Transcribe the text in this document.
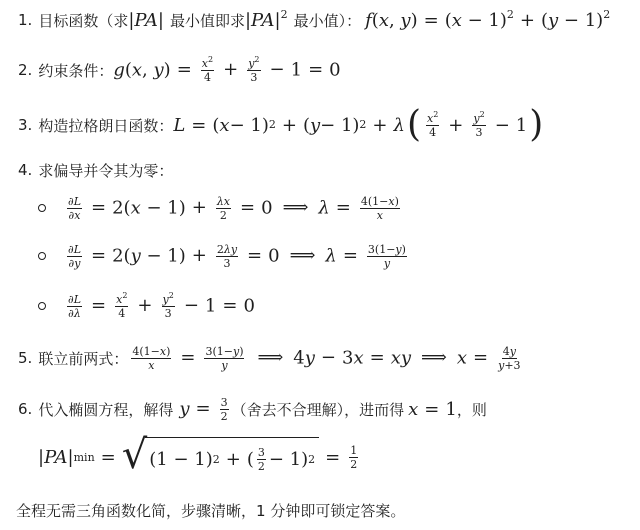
1. 目标函数（求 |PA| 最小值即求 $|PA|^2$ 最小值）： f(x, $y) = (x - 1)^2 + (y - 1)^2$
2. 约束条件： g(x, $y) = \frac{x^2}{4} + \frac{y^2}{3} - 1 = 0$
3. 构造拉格朗日函数： L = ( x − 1) 2 + ( y − 1) 2 + λ ( $\frac{x^2}{4} + \frac{y^2}{3} - 1$ )
4. 求偏导并令其为零：
$\frac{\partial L}{\partial x} = 2(x - 1) + \frac{\lambda x}{2} = 0$ ⟹ $\lambda = \frac{4(1-x)}{x}$
$\frac{\partial L}{\partial y} = 2(y - 1) + \frac{2\lambda y}{3} = 0$ ⟹ $\lambda = \frac{3(1-y)}{y}$
$\frac{\partial L}{\partial\lambda} = \frac{x^2}{4} + \frac{y^2}{3} - 1 = 0$
5. 联立前两式： $\frac{4(1-x)}{x} = \frac{3(1-y)}{y}$ ⟹ 4y − 3x = xy ⟹ $x = \frac{4y}{y+3}$
6. 代入椭圆方程，解得 $y = \frac{3}{2}$ （舍去不合理解），进而得 x = 1 ，则
| PA | min = √ (1 − 1) 2 + ( $\frac{3}{2} - 1$) $2 = \frac{1}{2}$
全程无需三角函数化简，步骤清晰，1 分钟即可锁定答案。
